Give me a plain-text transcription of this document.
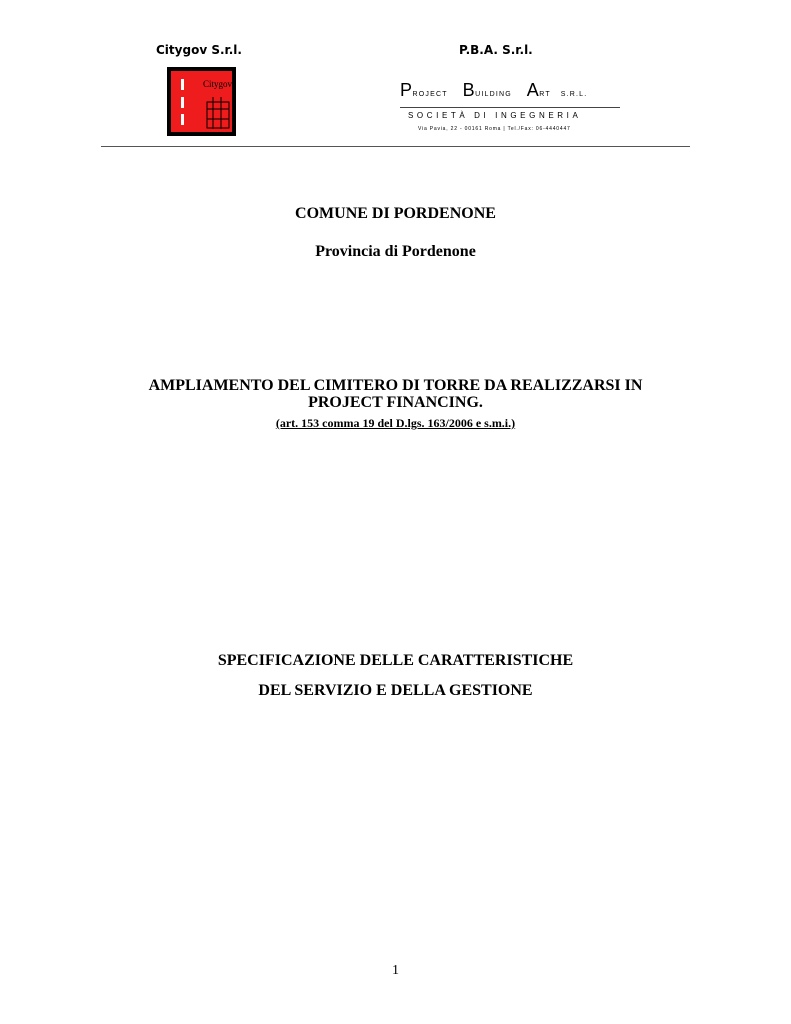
Citygov S.r.l.	P.B.A. S.r.l.
Citygov	PROJECT BUILDING ART S.R.L.
SOCIETÀ DI INGEGNERIA
Via Pavia, 22 - 00161 Roma | Tel./Fax: 06-4440447
COMUNE DI PORDENONE
Provincia di Pordenone
AMPLIAMENTO DEL CIMITERO DI TORRE DA REALIZZARSI IN
PROJECT FINANCING.
(art. 153 comma 19 del D.lgs. 163/2006 e s.m.i.)
SPECIFICAZIONE DELLE CARATTERISTICHE
DEL SERVIZIO E DELLA GESTIONE
1
